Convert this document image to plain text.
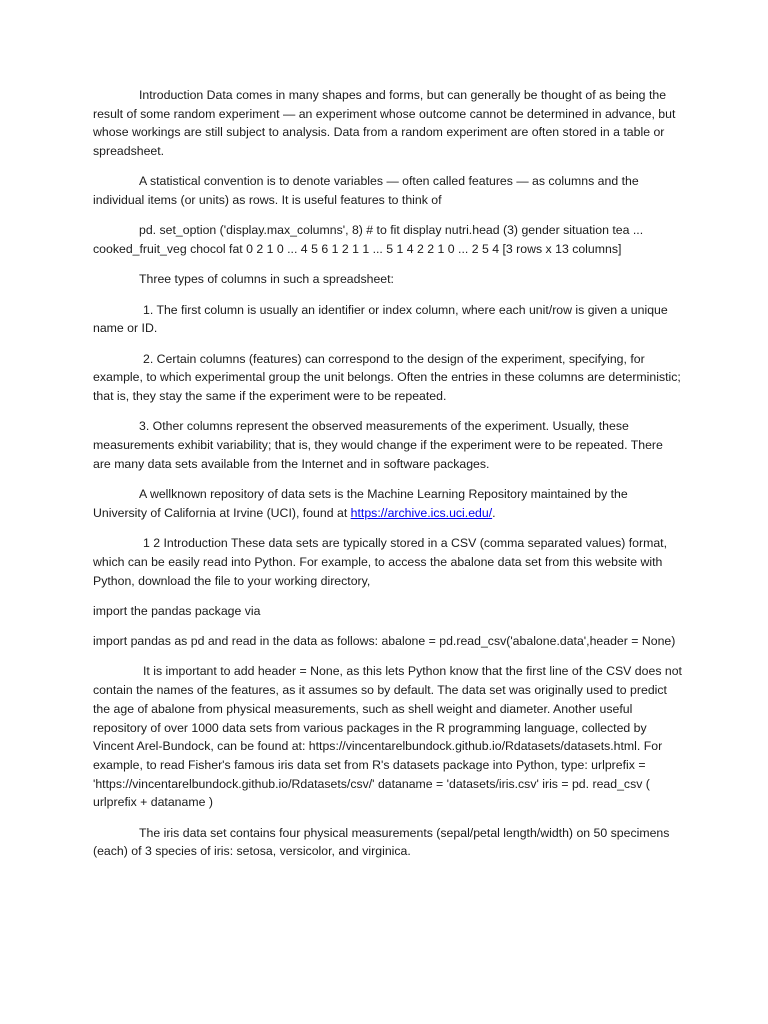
Introduction Data comes in many shapes and forms, but can generally be thought of as being the result of some random experiment — an experiment whose outcome cannot be determined in advance, but whose workings are still subject to analysis. Data from a random experiment are often stored in a table or spreadsheet.

A statistical convention is to denote variables — often called features — as columns and the individual items (or units) as rows. It is useful features to think of

pd. set_option ('display.max_columns', 8) # to fit display nutri.head (3) gender situation tea ... cooked_fruit_veg chocol fat 0 2 1 0 ... 4 5 6 1 2 1 1 ... 5 1 4 2 2 1 0 ... 2 5 4 [3 rows x 13 columns]

Three types of columns in such a spreadsheet:

1. The first column is usually an identifier or index column, where each unit/row is given a unique name or ID.

2. Certain columns (features) can correspond to the design of the experiment, specifying, for example, to which experimental group the unit belongs. Often the entries in these columns are deterministic; that is, they stay the same if the experiment were to be repeated.

3. Other columns represent the observed measurements of the experiment. Usually, these measurements exhibit variability; that is, they would change if the experiment were to be repeated. There are many data sets available from the Internet and in software packages.

A wellknown repository of data sets is the Machine Learning Repository maintained by the University of California at Irvine (UCI), found at https://archive.ics.uci.edu/.

1 2 Introduction These data sets are typically stored in a CSV (comma separated values) format, which can be easily read into Python. For example, to access the abalone data set from this website with Python, download the file to your working directory,

import the pandas package via

import pandas as pd and read in the data as follows: abalone = pd.read_csv('abalone.data',header = None)

It is important to add header = None, as this lets Python know that the first line of the CSV does not contain the names of the features, as it assumes so by default. The data set was originally used to predict the age of abalone from physical measurements, such as shell weight and diameter. Another useful repository of over 1000 data sets from various packages in the R programming language, collected by Vincent Arel-Bundock, can be found at: https://vincentarelbundock.github.io/Rdatasets/datasets.html. For example, to read Fisher's famous iris data set from R's datasets package into Python, type: urlprefix = 'https://vincentarelbundock.github.io/Rdatasets/csv/' dataname = 'datasets/iris.csv' iris = pd. read_csv ( urlprefix + dataname )

The iris data set contains four physical measurements (sepal/petal length/width) on 50 specimens (each) of 3 species of iris: setosa, versicolor, and virginica.
